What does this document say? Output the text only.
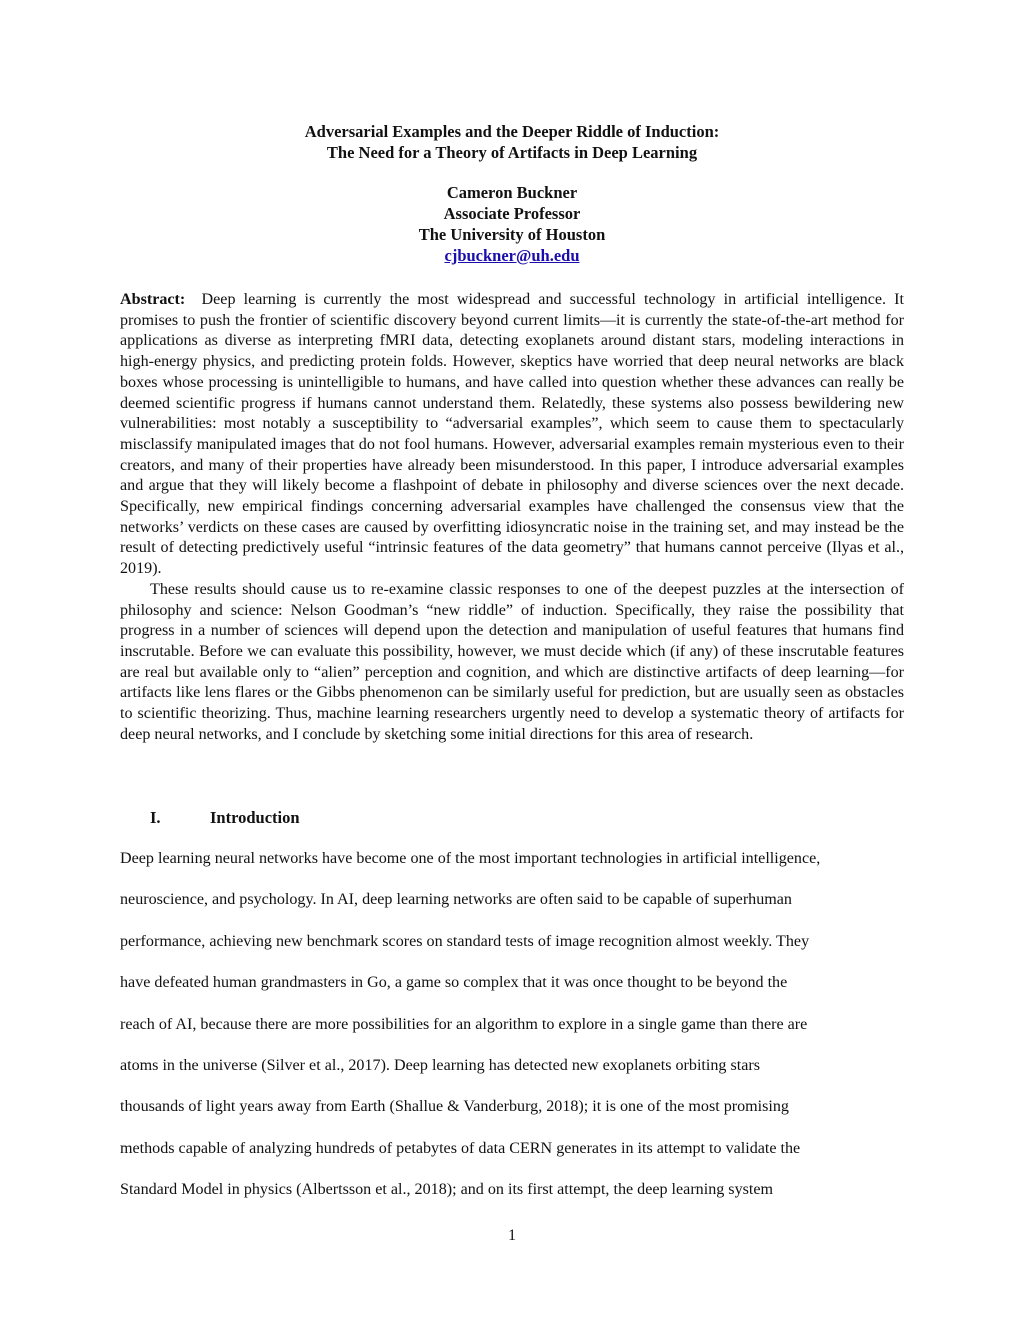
Adversarial Examples and the Deeper Riddle of Induction:
The Need for a Theory of Artifacts in Deep Learning
Cameron Buckner
Associate Professor
The University of Houston
cjbuckner@uh.edu

Abstract: Deep learning is currently the most widespread and successful technology in artificial intelligence. It promises to push the frontier of scientific discovery beyond current limits—it is currently the state-of-the-art method for applications as diverse as interpreting fMRI data, detecting exoplanets around distant stars, modeling interactions in high-energy physics, and predicting protein folds. However, skeptics have worried that deep neural networks are black boxes whose processing is unintelligible to humans, and have called into question whether these advances can really be deemed scientific progress if humans cannot understand them. Relatedly, these systems also possess bewildering new vulnerabilities: most notably a susceptibility to “adversarial examples”, which seem to cause them to spectacularly misclassify manipulated images that do not fool humans. However, adversarial examples remain mysterious even to their creators, and many of their properties have already been misunderstood. In this paper, I introduce adversarial examples and argue that they will likely become a flashpoint of debate in philosophy and diverse sciences over the next decade. Specifically, new empirical findings concerning adversarial examples have challenged the consensus view that the networks’ verdicts on these cases are caused by overfitting idiosyncratic noise in the training set, and may instead be the result of detecting predictively useful “intrinsic features of the data geometry” that humans cannot perceive (Ilyas et al., 2019).

These results should cause us to re-examine classic responses to one of the deepest puzzles at the intersection of philosophy and science: Nelson Goodman’s “new riddle” of induction. Specifically, they raise the possibility that progress in a number of sciences will depend upon the detection and manipulation of useful features that humans find inscrutable. Before we can evaluate this possibility, however, we must decide which (if any) of these inscrutable features are real but available only to “alien” perception and cognition, and which are distinctive artifacts of deep learning—for artifacts like lens flares or the Gibbs phenomenon can be similarly useful for prediction, but are usually seen as obstacles to scientific theorizing. Thus, machine learning researchers urgently need to develop a systematic theory of artifacts for deep neural networks, and I conclude by sketching some initial directions for this area of research.

I.	Introduction
Deep learning neural networks have become one of the most important technologies in artificial intelligence,
neuroscience, and psychology. In AI, deep learning networks are often said to be capable of superhuman
performance, achieving new benchmark scores on standard tests of image recognition almost weekly. They
have defeated human grandmasters in Go, a game so complex that it was once thought to be beyond the
reach of AI, because there are more possibilities for an algorithm to explore in a single game than there are
atoms in the universe (Silver et al., 2017). Deep learning has detected new exoplanets orbiting stars
thousands of light years away from Earth (Shallue & Vanderburg, 2018); it is one of the most promising
methods capable of analyzing hundreds of petabytes of data CERN generates in its attempt to validate the
Standard Model in physics (Albertsson et al., 2018); and on its first attempt, the deep learning system
1
